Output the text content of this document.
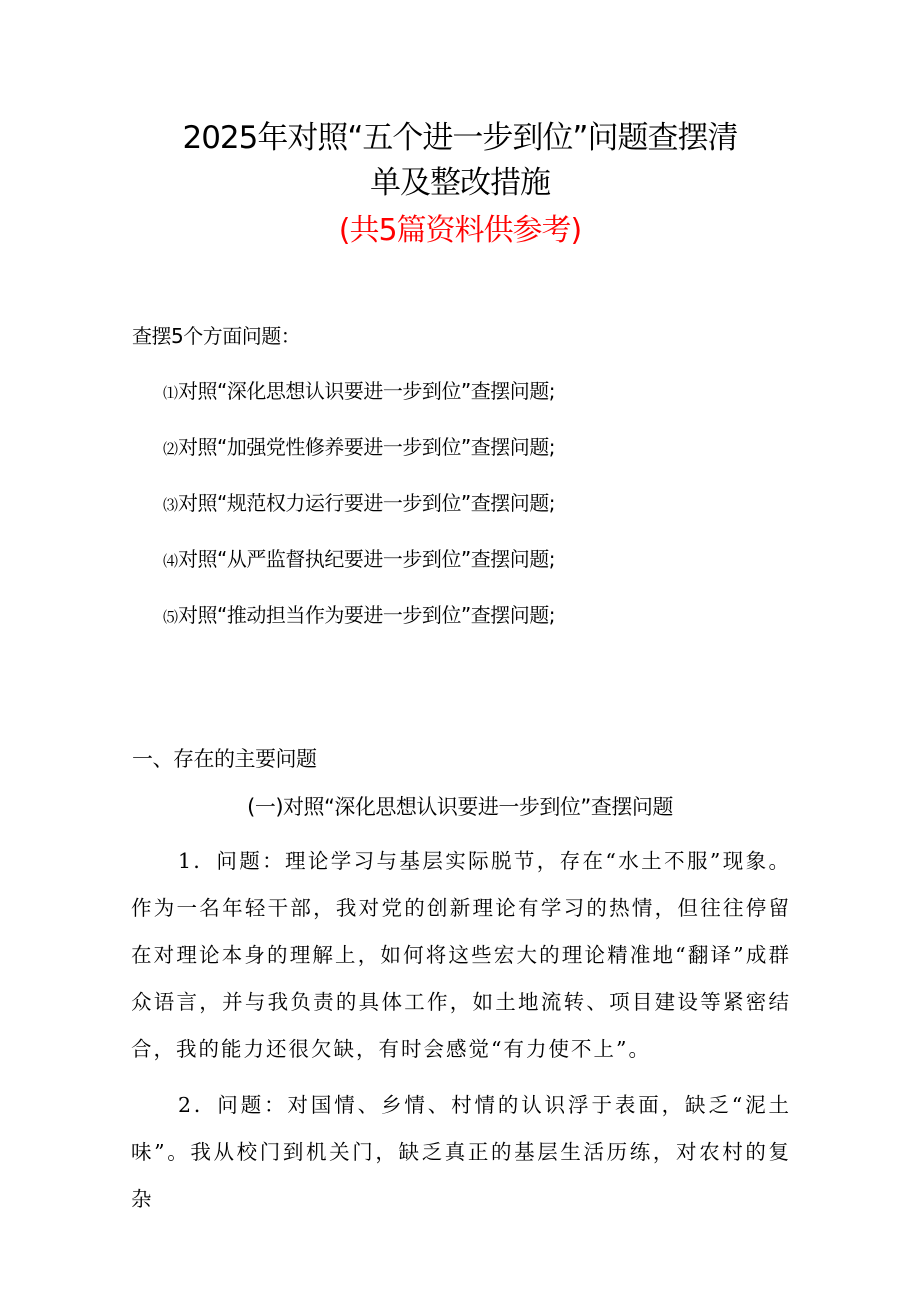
2025年对照“五个进一步到位”问题查摆清
单及整改措施
(共5篇资料供参考)
查摆5个方面问题：
⑴对照“深化思想认识要进一步到位”查摆问题;
⑵对照“加强党性修养要进一步到位”查摆问题;
⑶对照“规范权力运行要进一步到位”查摆问题;
⑷对照“从严监督执纪要进一步到位”查摆问题;
⑸对照“推动担当作为要进一步到位”查摆问题;
一、存在的主要问题
(一)对照“深化思想认识要进一步到位”查摆问题
1．问题：理论学习与基层实际脱节，存在“水土不服”现象。作为一名年轻干部，我对党的创新理论有学习的热情，但往往停留在对理论本身的理解上，如何将这些宏大的理论精准地“翻译”成群众语言，并与我负责的具体工作，如土地流转、项目建设等紧密结合，我的能力还很欠缺，有时会感觉“有力使不上”。
2．问题：对国情、乡情、村情的认识浮于表面，缺乏“泥土味”。我从校门到机关门，缺乏真正的基层生活历练，对农村的复杂
